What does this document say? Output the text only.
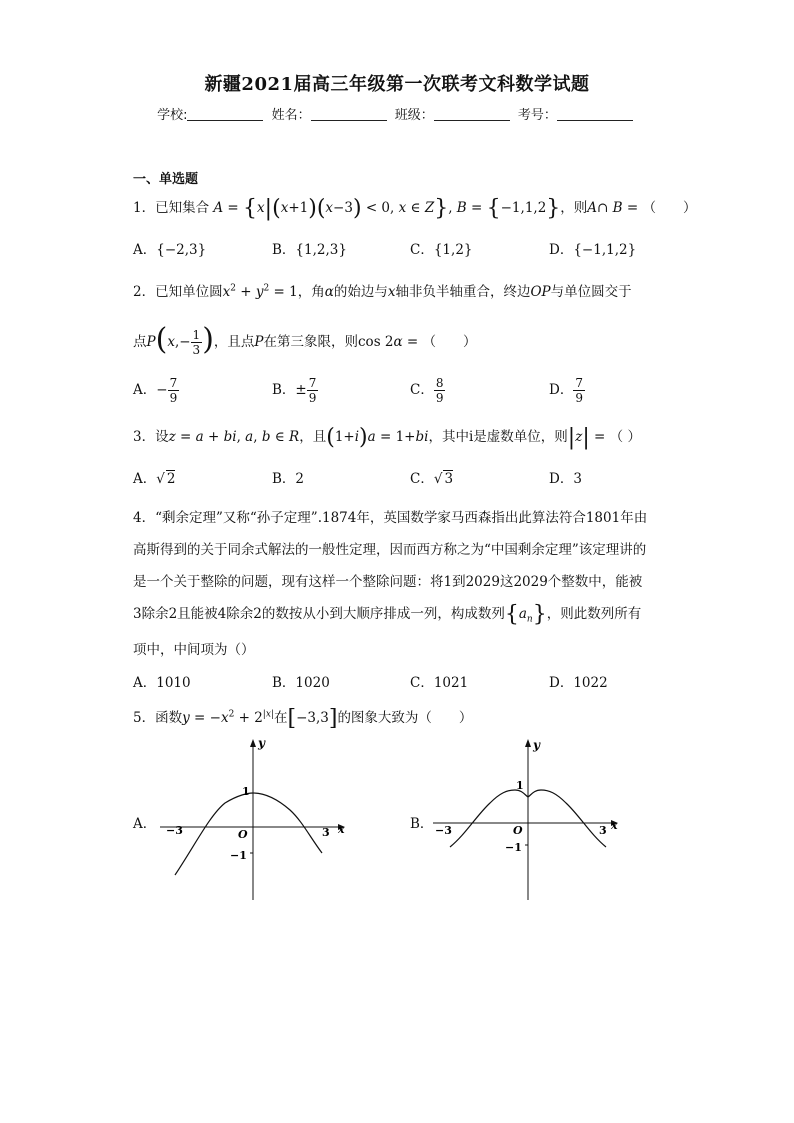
新疆2021届高三年级第一次联考文科数学试题
学校:	姓名：	班级：	考号：
一、单选题
1．已知集合 A = {x|(x+1)(x−3) < 0, x ∈ Z}, B = {−1,1,2}，则A∩ B = （　　）
A．{−2,3}	B．{1,2,3}	C．{1,2}	D．{−1,1,2}
2．已知单位圆$x^2 + y^2 = 1$，角α的始边与x轴非负半轴重合，终边OP与单位圆交于
点$P(x,- \frac{1}{3}$ )，且点P在第三象限，则cos 2α = （　　）
A．− $\frac{7}{9}$	B．± $\frac{7}{9}$	C． $\frac{8}{9}$	D． $\frac{7}{9}$
3．设z = a + bi, a, b ∈ R，且(1+i)a = 1+bi，其中i是虚数单位，则|z| = （ ）
A．√ 2	B．2	C．√ 3	D．3
4．“剩余定理”又称“孙子定理”.1874年，英国数学家马西森指出此算法符合1801年由
高斯得到的关于同余式解法的一般性定理，因而西方称之为“中国剩余定理”该定理讲的
是一个关于整除的问题，现有这样一个整除问题：将1到2029这2029个整数中，能被
3除余2且能被4除余2的数按从小到大顺序排成一列，构成数列$\{a_n\}$，则此数列所有
项中，中间项为（）
A．1010	B．1020	C．1021	D．1022
5．函数$y = -x^2 + 2^{|x|}$在[−3,3]的图象大致为（　　）
A．
y
x
O
1
−1
−3	3
B．
y
x
O
1
−1
−3	3
